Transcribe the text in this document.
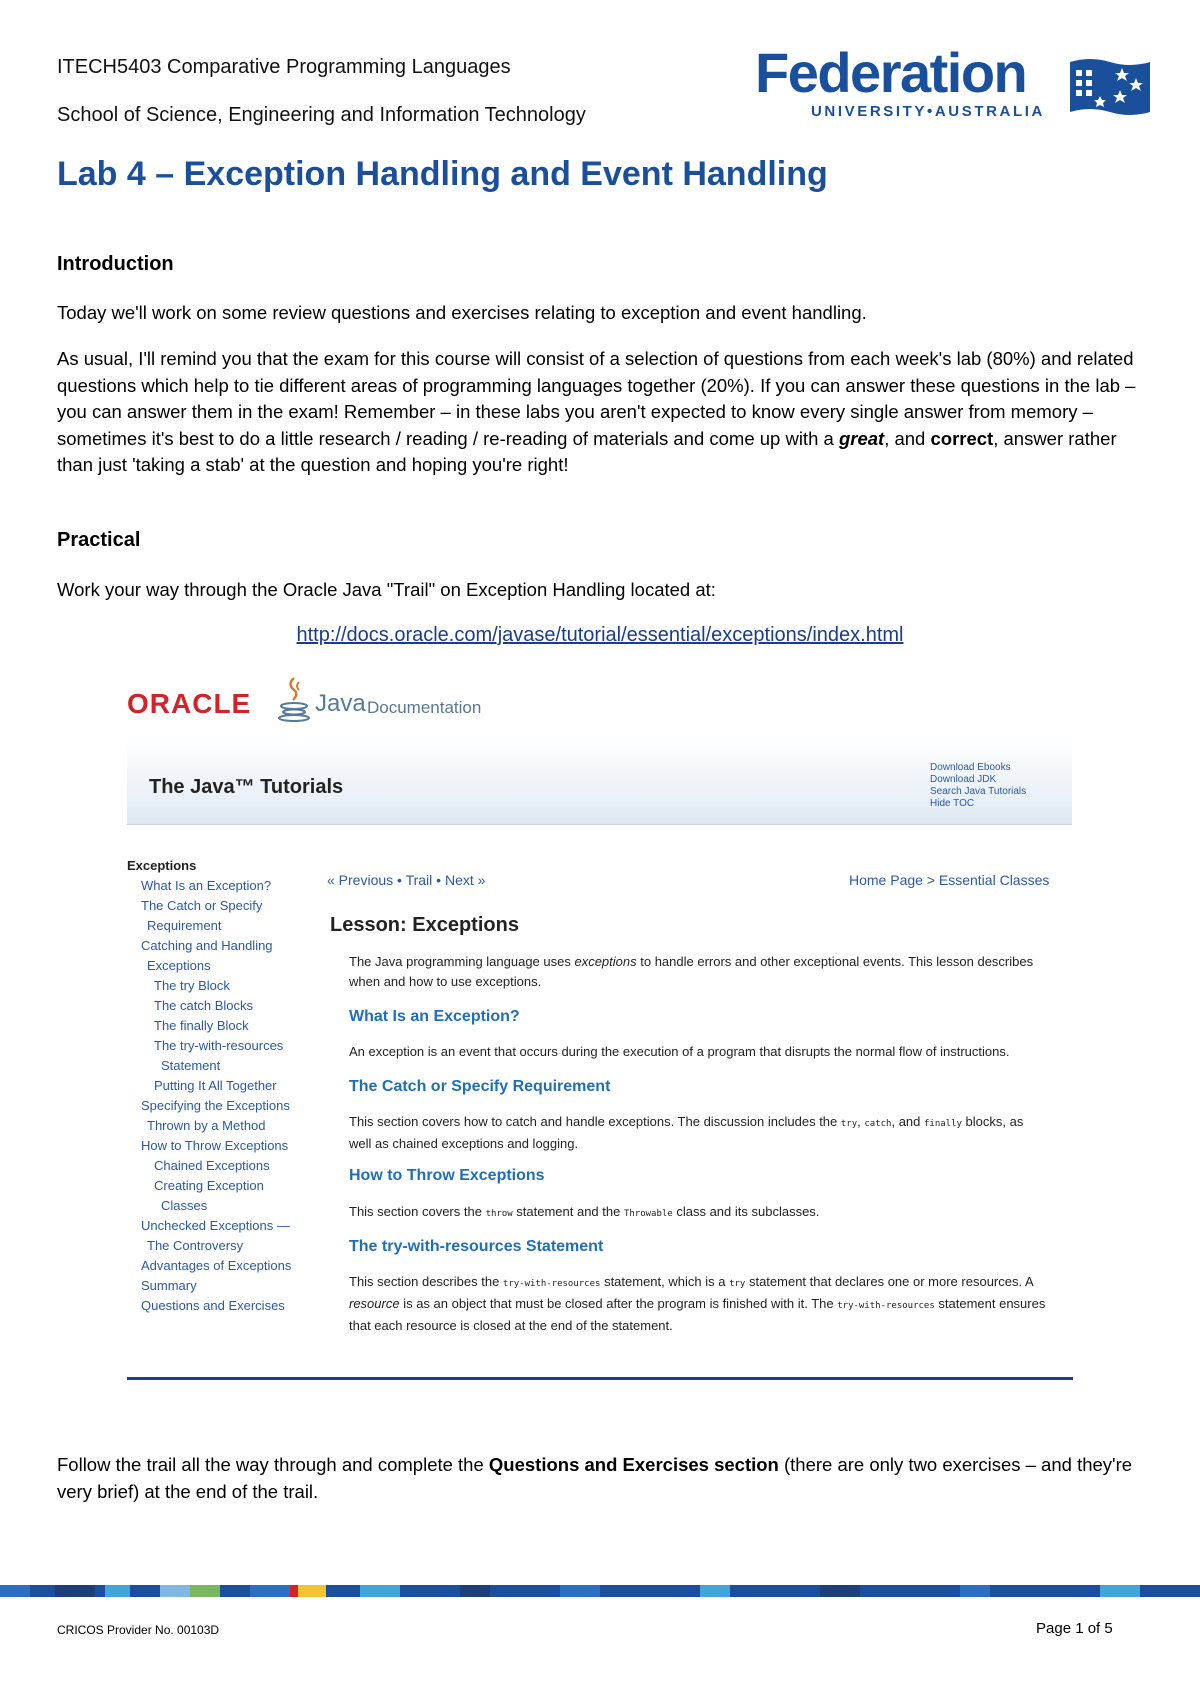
ITECH5403 Comparative Programming Languages
School of Science, Engineering and Information Technology
Federation
UNIVERSITY•AUSTRALIA
Lab 4 – Exception Handling and Event Handling
Introduction

Today we'll work on some review questions and exercises relating to exception and event handling.

As usual, I'll remind you that the exam for this course will consist of a selection of questions from each week's lab (80%) and related questions which help to tie different areas of programming languages together (20%). If you can answer these questions in the lab – you can answer them in the exam! Remember – in these labs you aren't expected to know every single answer from memory – sometimes it's best to do a little research / reading / re-reading of materials and come up with a great, and correct, answer rather than just 'taking a stab' at the question and hoping you're right!

Practical

Work your way through the Oracle Java "Trail" on Exception Handling located at:

http://docs.oracle.com/javase/tutorial/essential/exceptions/index.html
ORACLE	Java Documentation
The Java™ Tutorials
Download Ebooks
Download JDK
Search Java Tutorials
Hide TOC
Exceptions
What Is an Exception?
The Catch or Specify
Requirement
Catching and Handling
Exceptions
The try Block
The catch Blocks
The finally Block
The try-with-resources
Statement
Putting It All Together
Specifying the Exceptions
Thrown by a Method
How to Throw Exceptions
Chained Exceptions
Creating Exception
Classes
Unchecked Exceptions —
The Controversy
Advantages of Exceptions
Summary
Questions and Exercises
« Previous • Trail • Next »	Home Page > Essential Classes
Lesson: Exceptions

The Java programming language uses exceptions to handle errors and other exceptional events. This lesson describes when and how to use exceptions.

What Is an Exception?

An exception is an event that occurs during the execution of a program that disrupts the normal flow of instructions.

The Catch or Specify Requirement

This section covers how to catch and handle exceptions. The discussion includes the try, catch, and finally blocks, as well as chained exceptions and logging.

How to Throw Exceptions

This section covers the throw statement and the Throwable class and its subclasses.

The try-with-resources Statement

This section describes the try-with-resources statement, which is a try statement that declares one or more resources. A resource is as an object that must be closed after the program is finished with it. The try-with-resources statement ensures that each resource is closed at the end of the statement.

Follow the trail all the way through and complete the Questions and Exercises section (there are only two exercises – and they're very brief) at the end of the trail.
CRICOS Provider No. 00103D	Page 1 of 5
